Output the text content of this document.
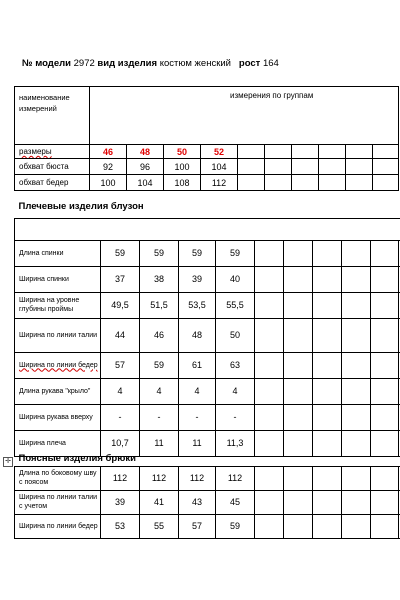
№ модели 2972 вид изделия костюм женский рост 164
наименование измерений	измерения по группам									
размеры	46	48	50	52						
обхват бюста	92	96	100	104						
обхват бедер	100	104	108	112						
Плечевые изделия блузон										

Длина спинки	59	59	59	59						
Ширина спинки	37	38	39	40						
Ширина на уровне глубины проймы	49,5	51,5	53,5	55,5						
Ширина по линии талии	44	46	48	50						
Ширина по линии бедер	57	59	61	63						
Длина рукава "крыло"	4	4	4	4						
Ширина рукава вверху	-	-	-	-						
Ширина плеча	10,7	11	11	11,3						
Поясные изделия брюки										
Длина по боковому шву с поясом	112	112	112	112						
Ширина по линии талии с учетом	39	41	43	45						
Ширина по линии бедер	53	55	57	59						
✛
